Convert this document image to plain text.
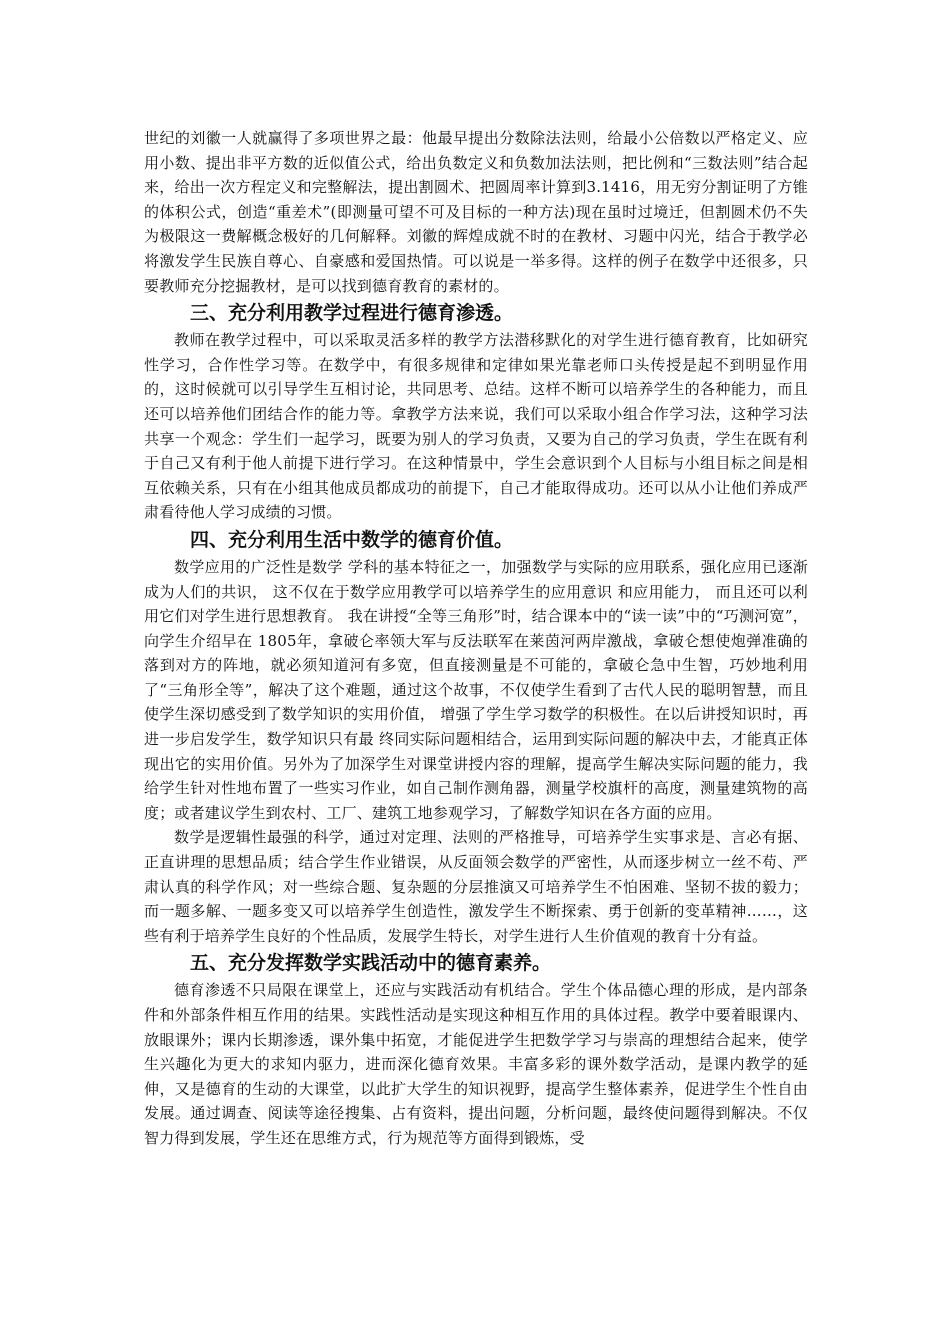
世纪的刘徽一人就赢得了多项世界之最：他最早提出分数除法法则，给最小公倍数以严格定义、应用小数、提出非平方数的近似值公式，给出负数定义和负数加法法则，把比例和“三数法则”结合起来，给出一次方程定义和完整解法，提出割圆术、把圆周率计算到3.1416，用无穷分割证明了方锥的体积公式，创造“重差术”(即测量可望不可及目标的一种方法)现在虽时过境迁，但割圆术仍不失为极限这一费解概念极好的几何解释。刘徽的辉煌成就不时的在教材、习题中闪光，结合于教学必将激发学生民族自尊心、自豪感和爱国热情。可以说是一举多得。这样的例子在数学中还很多，只要教师充分挖掘教材，是可以找到德育教育的素材的。

三、充分利用教学过程进行德育渗透。

教师在教学过程中，可以采取灵活多样的教学方法潜移默化的对学生进行德育教育，比如研究性学习，合作性学习等。在数学中，有很多规律和定律如果光靠老师口头传授是起不到明显作用的，这时候就可以引导学生互相讨论，共同思考、总结。这样不断可以培养学生的各种能力，而且还可以培养他们团结合作的能力等。拿教学方法来说，我们可以采取小组合作学习法，这种学习法共享一个观念：学生们一起学习，既要为别人的学习负责，又要为自己的学习负责，学生在既有利于自己又有利于他人前提下进行学习。在这种情景中，学生会意识到个人目标与小组目标之间是相互依赖关系，只有在小组其他成员都成功的前提下，自己才能取得成功。还可以从小让他们养成严肃看待他人学习成绩的习惯。

四、充分利用生活中数学的德育价值。

数学应用的广泛性是数学 学科的基本特征之一，加强数学与实际的应用联系，强化应用已逐渐 成为人们的共识， 这不仅在于数学应用教学可以培养学生的应用意识 和应用能力， 而且还可以利用它们对学生进行思想教育。 我在讲授“全等三角形”时，结合课本中的“读一读”中的“巧测河宽”，向学生介绍早在 1805年，拿破仑率领大军与反法联军在莱茵河两岸激战，拿破仑想使炮弹准确的落到对方的阵地，就必须知道河有多宽，但直接测量是不可能的，拿破仑急中生智，巧妙地利用了“三角形全等”，解决了这个难题，通过这个故事，不仅使学生看到了古代人民的聪明智慧，而且使学生深切感受到了数学知识的实用价值， 增强了学生学习数学的积极性。在以后讲授知识时，再进一步启发学生，数学知识只有最 终同实际问题相结合，运用到实际问题的解决中去，才能真正体现出它的实用价值。另外为了加深学生对课堂讲授内容的理解，提高学生解决实际问题的能力，我给学生针对性地布置了一些实习作业，如自己制作测角器，测量学校旗杆的高度，测量建筑物的高度；或者建议学生到农村、工厂、建筑工地参观学习，了解数学知识在各方面的应用。

数学是逻辑性最强的科学，通过对定理、法则的严格推导，可培养学生实事求是、言必有据、正直讲理的思想品质；结合学生作业错误，从反面领会数学的严密性，从而逐步树立一丝不苟、严肃认真的科学作风；对一些综合题、复杂题的分层推演又可培养学生不怕困难、坚韧不拔的毅力；而一题多解、一题多变又可以培养学生创造性，激发学生不断探索、勇于创新的变革精神……，这些有利于培养学生良好的个性品质，发展学生特长，对学生进行人生价值观的教育十分有益。

五、充分发挥数学实践活动中的德育素养。

德育渗透不只局限在课堂上，还应与实践活动有机结合。学生个体品德心理的形成，是内部条件和外部条件相互作用的结果。实践性活动是实现这种相互作用的具体过程。教学中要着眼课内、放眼课外；课内长期渗透，课外集中拓宽，才能促进学生把数学学习与崇高的理想结合起来，使学生兴趣化为更大的求知内驱力，进而深化德育效果。丰富多彩的课外数学活动，是课内教学的延伸，又是德育的生动的大课堂，以此扩大学生的知识视野，提高学生整体素养，促进学生个性自由发展。通过调查、阅读等途径搜集、占有资料，提出问题，分析问题，最终使问题得到解决。不仅智力得到发展，学生还在思维方式，行为规范等方面得到锻炼，受
